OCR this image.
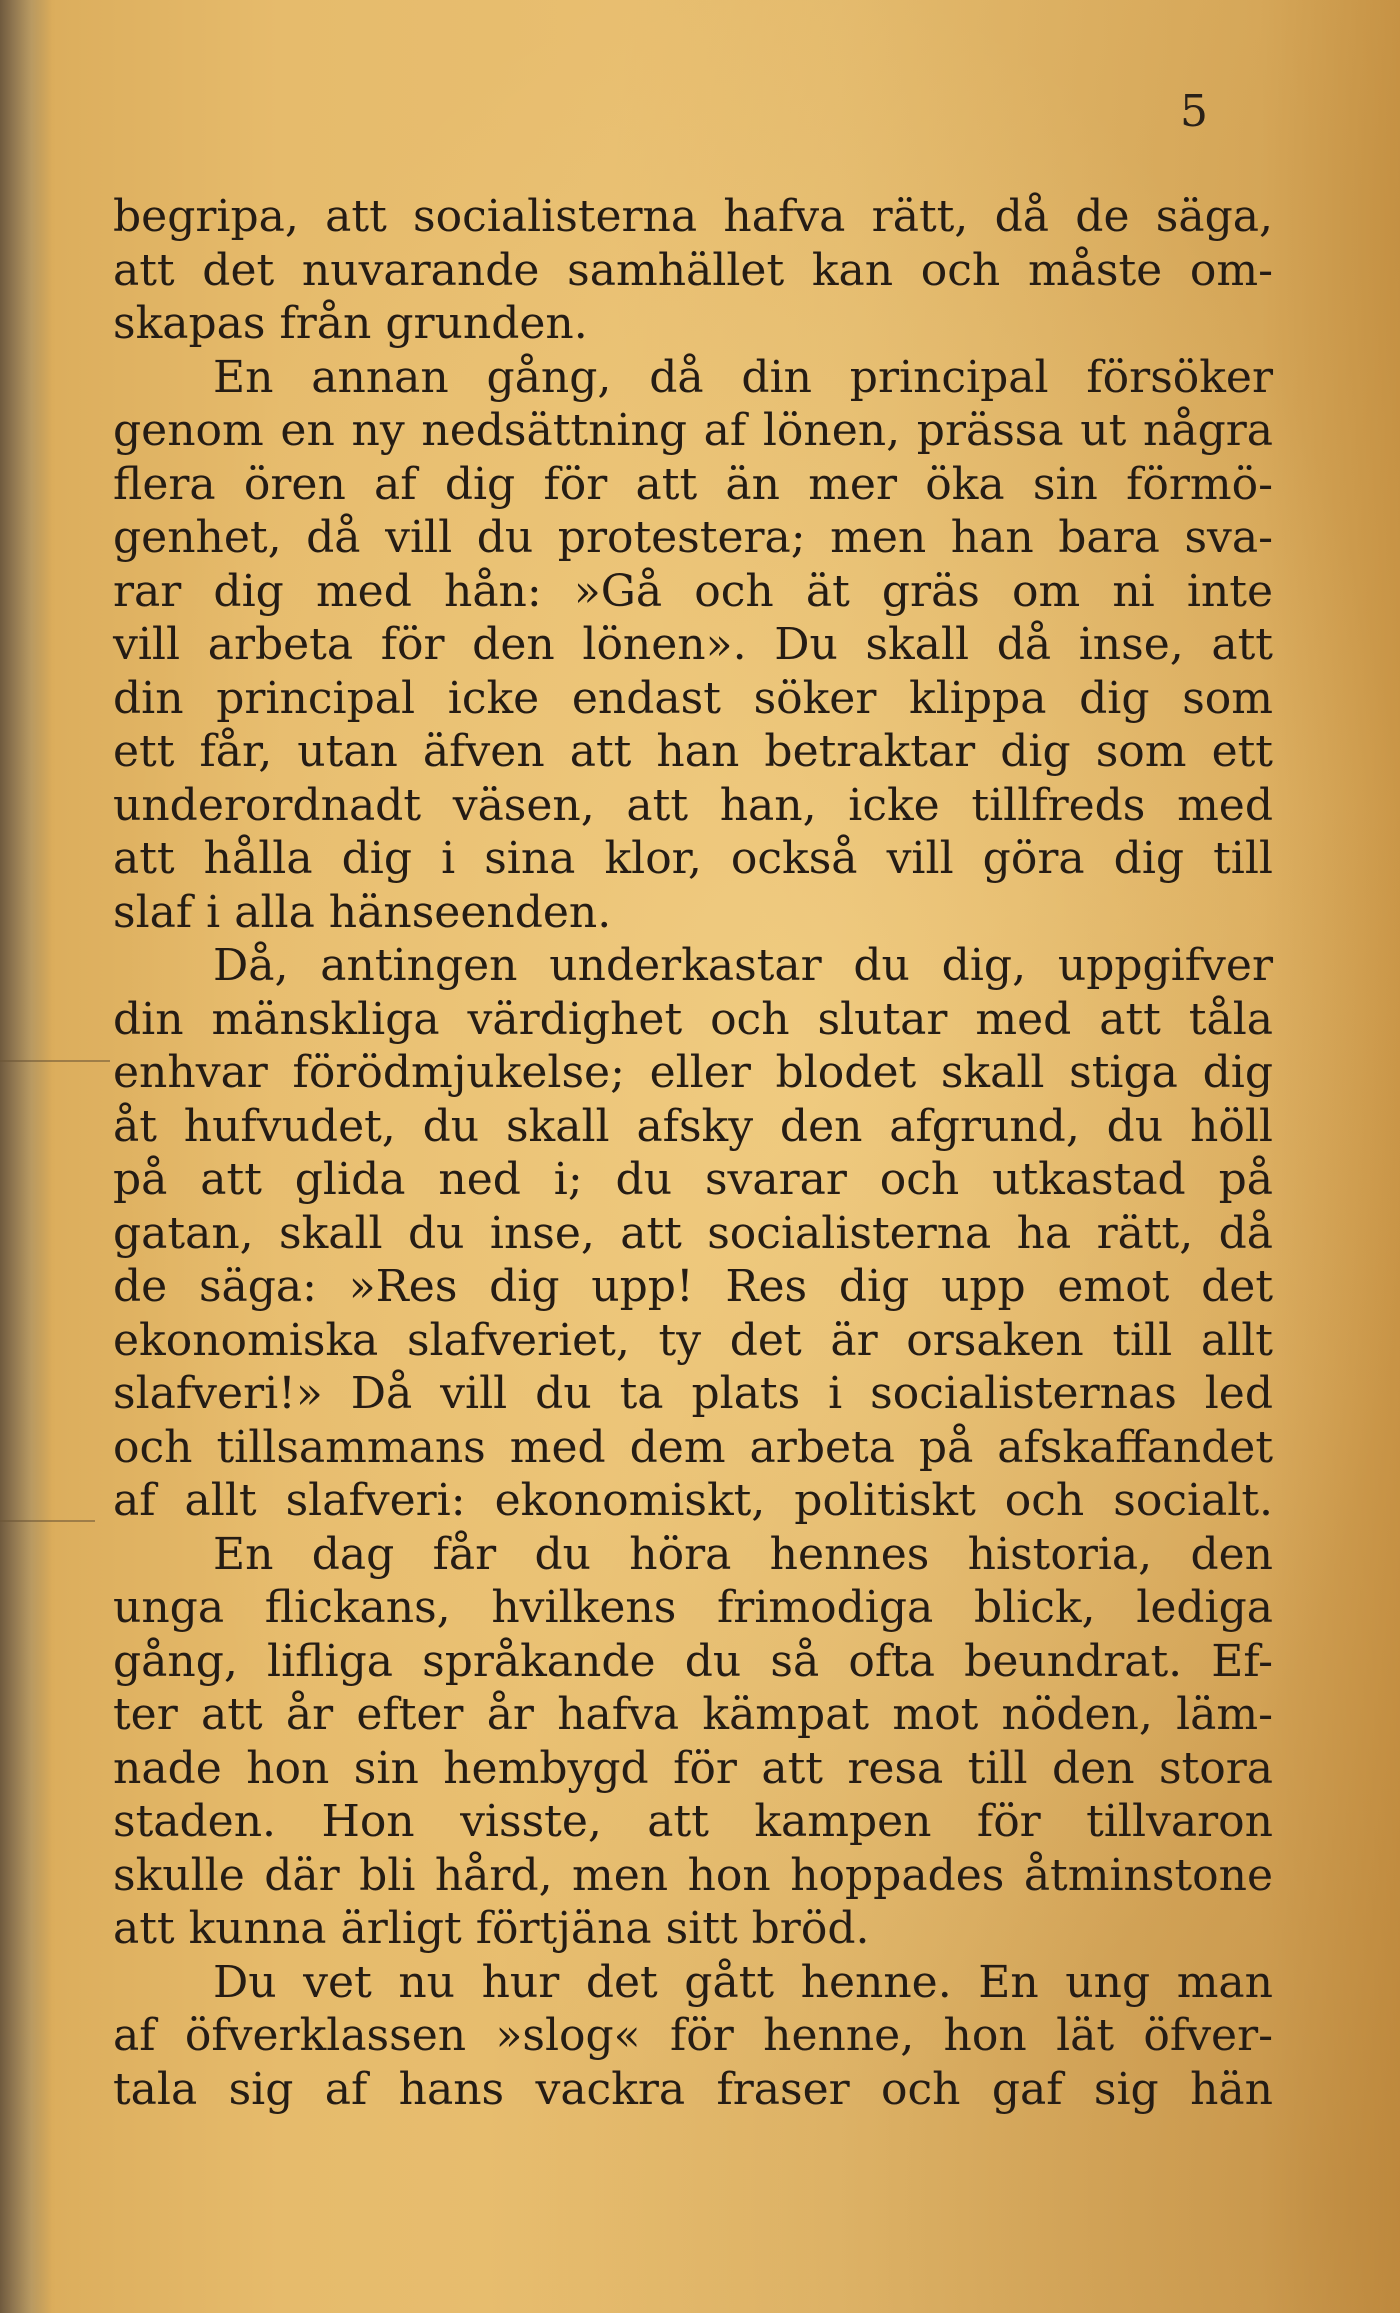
5
begripa, att socialisterna hafva rätt, då de säga,
att det nuvarande samhället kan och måste om-
skapas från grunden.
En annan gång, då din principal försöker
genom en ny nedsättning af lönen, prässa ut några
flera ören af dig för att än mer öka sin förmö-
genhet, då vill du protestera; men han bara sva-
rar dig med hån: »Gå och ät gräs om ni inte
vill arbeta för den lönen». Du skall då inse, att
din principal icke endast söker klippa dig som
ett får, utan äfven att han betraktar dig som ett
underordnadt väsen, att han, icke tillfreds med
att hålla dig i sina klor, också vill göra dig till
slaf i alla hänseenden.
Då, antingen underkastar du dig, uppgifver
din mänskliga värdighet och slutar med att tåla
enhvar förödmjukelse; eller blodet skall stiga dig
åt hufvudet, du skall afsky den afgrund, du höll
på att glida ned i; du svarar och utkastad på
gatan, skall du inse, att socialisterna ha rätt, då
de säga: »Res dig upp! Res dig upp emot det
ekonomiska slafveriet, ty det är orsaken till allt
slafveri!» Då vill du ta plats i socialisternas led
och tillsammans med dem arbeta på afskaffandet
af allt slafveri: ekonomiskt, politiskt och socialt.
En dag får du höra hennes historia, den
unga flickans, hvilkens frimodiga blick, lediga
gång, lifliga språkande du så ofta beundrat. Ef-
ter att år efter år hafva kämpat mot nöden, läm-
nade hon sin hembygd för att resa till den stora
staden. Hon visste, att kampen för tillvaron
skulle där bli hård, men hon hoppades åtminstone
att kunna ärligt förtjäna sitt bröd.
Du vet nu hur det gått henne. En ung man
af öfverklassen »slog« för henne, hon lät öfver-
tala sig af hans vackra fraser och gaf sig hän
